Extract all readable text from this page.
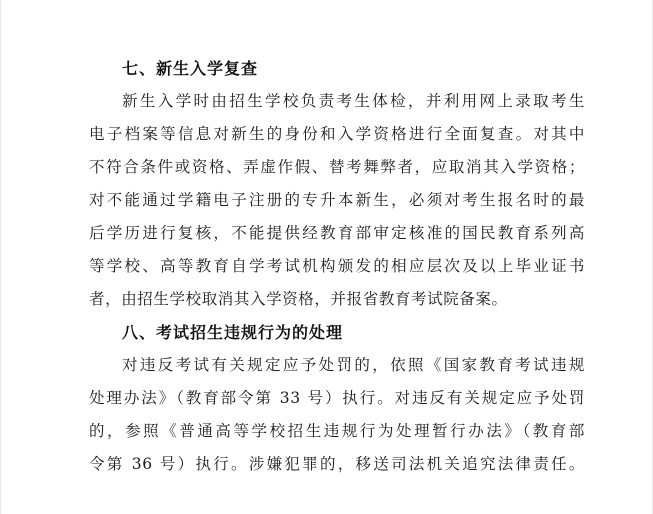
七、新生入学复查

新生入学时由招生学校负责考生体检，并利用网上录取考生
电子档案等信息对新生的身份和入学资格进行全面复查。对其中
不符合条件或资格、弄虚作假、替考舞弊者，应取消其入学资格；
对不能通过学籍电子注册的专升本新生，必须对考生报名时的最
后学历进行复核，不能提供经教育部审定核准的国民教育系列高
等学校、高等教育自学考试机构颁发的相应层次及以上毕业证书
者，由招生学校取消其入学资格，并报省教育考试院备案。

八、考试招生违规行为的处理

对违反考试有关规定应予处罚的，依照《国家教育考试违规
处理办法》（教育部令第 33 号）执行。对违反有关规定应予处罚
的，参照《普通高等学校招生违规行为处理暂行办法》（教育部
令第 36 号）执行。涉嫌犯罪的，移送司法机关追究法律责任。
